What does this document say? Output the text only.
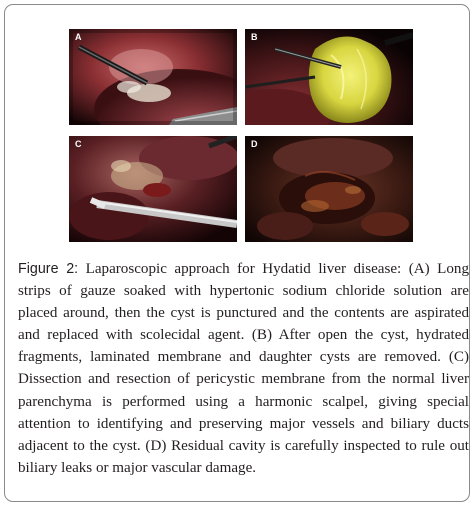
A	B
C	D

Figure 2: Laparoscopic approach for Hydatid liver disease: (A) Long strips of gauze soaked with hypertonic sodium chloride solution are placed around, then the cyst is punctured and the contents are aspirated and replaced with scolecidal agent. (B) After open the cyst, hydrated fragments, laminated membrane and daughter cysts are removed. (C) Dissection and resection of pericystic membrane from the normal liver parenchyma is performed using a harmonic scalpel, giving special attention to identifying and preserving major vessels and biliary ducts adjacent to the cyst. (D) Residual cavity is carefully inspected to rule out biliary leaks or major vascular damage.
